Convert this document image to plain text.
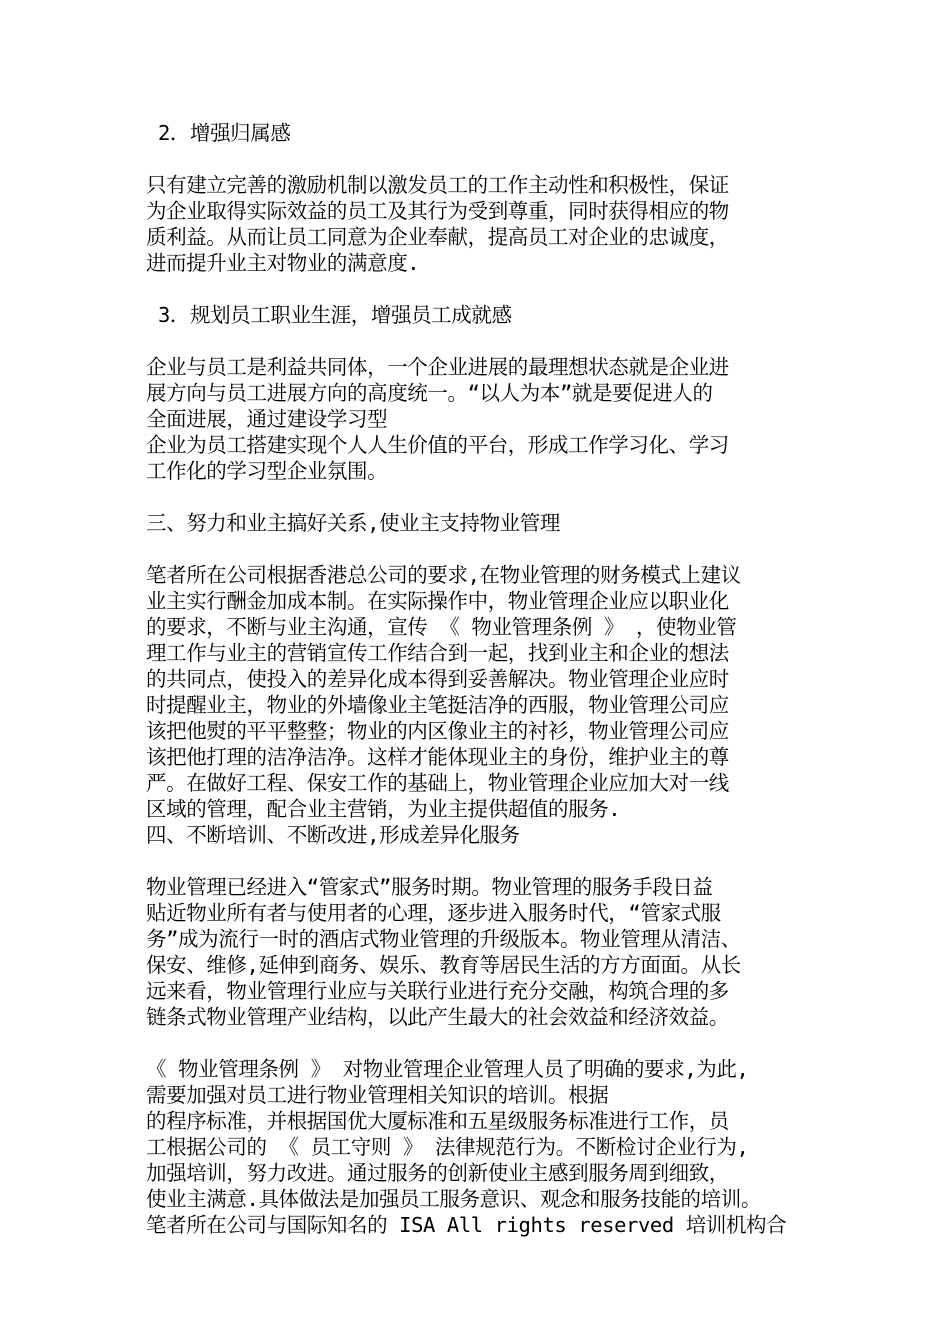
2．增强归属感
只有建立完善的激励机制以激发员工的工作主动性和积极性，保证
为企业取得实际效益的员工及其行为受到尊重，同时获得相应的物
质利益。从而让员工同意为企业奉献，提高员工对企业的忠诚度，
进而提升业主对物业的满意度.
3．规划员工职业生涯，增强员工成就感
企业与员工是利益共同体，一个企业进展的最理想状态就是企业进
展方向与员工进展方向的高度统一。“以人为本”就是要促进人的
全面进展，通过建设学习型
企业为员工搭建实现个人人生价值的平台，形成工作学习化、学习
工作化的学习型企业氛围。
三、努力和业主搞好关系,使业主支持物业管理
笔者所在公司根据香港总公司的要求,在物业管理的财务模式上建议
业主实行酬金加成本制。在实际操作中，物业管理企业应以职业化
的要求，不断与业主沟通，宣传 《 物业管理条例 》 ，使物业管
理工作与业主的营销宣传工作结合到一起，找到业主和企业的想法
的共同点，使投入的差异化成本得到妥善解决。物业管理企业应时
时提醒业主，物业的外墙像业主笔挺洁净的西服，物业管理公司应
该把他熨的平平整整；物业的内区像业主的衬衫，物业管理公司应
该把他打理的洁净洁净。这样才能体现业主的身份，维护业主的尊
严。在做好工程、保安工作的基础上，物业管理企业应加大对一线
区域的管理，配合业主营销，为业主提供超值的服务.
四、不断培训、不断改进,形成差异化服务
物业管理已经进入“管家式”服务时期。物业管理的服务手段日益
贴近物业所有者与使用者的心理，逐步进入服务时代，“管家式服
务”成为流行一时的酒店式物业管理的升级版本。物业管理从清洁、
保安、维修,延伸到商务、娱乐、教育等居民生活的方方面面。从长
远来看，物业管理行业应与关联行业进行充分交融，构筑合理的多
链条式物业管理产业结构，以此产生最大的社会效益和经济效益。
《 物业管理条例 》 对物业管理企业管理人员了明确的要求,为此,
需要加强对员工进行物业管理相关知识的培训。根据
的程序标准，并根据国优大厦标准和五星级服务标准进行工作，员
工根据公司的 《 员工守则 》 法律规范行为。不断检讨企业行为,
加强培训，努力改进。通过服务的创新使业主感到服务周到细致，
使业主满意.具体做法是加强员工服务意识、观念和服务技能的培训。
笔者所在公司与国际知名的 ISA All rights reserved 培训机构合
